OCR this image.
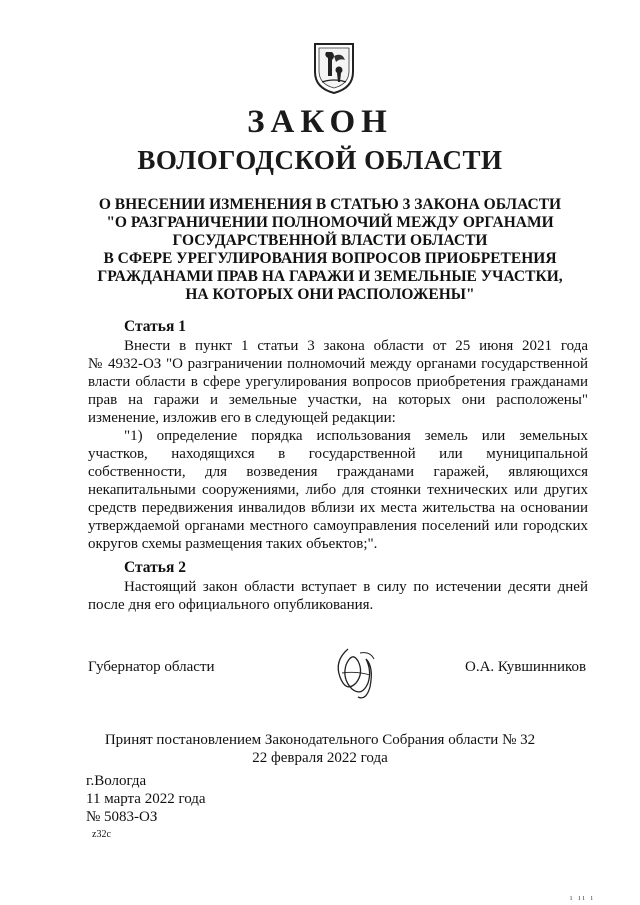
ЗАКОН
ВОЛОГОДСКОЙ ОБЛАСТИ
О ВНЕСЕНИИ ИЗМЕНЕНИЯ В СТАТЬЮ 3 ЗАКОНА ОБЛАСТИ
"О РАЗГРАНИЧЕНИИ ПОЛНОМОЧИЙ МЕЖДУ ОРГАНАМИ
ГОСУДАРСТВЕННОЙ ВЛАСТИ ОБЛАСТИ
В СФЕРЕ УРЕГУЛИРОВАНИЯ ВОПРОСОВ ПРИОБРЕТЕНИЯ
ГРАЖДАНАМИ ПРАВ НА ГАРАЖИ И ЗЕМЕЛЬНЫЕ УЧАСТКИ,
НА КОТОРЫХ ОНИ РАСПОЛОЖЕНЫ"
Статья 1
Внести в пункт 1 статьи 3 закона области от 25 июня 2021 года
№ 4932-ОЗ "О разграничении полномочий между органами государственной
власти области в сфере урегулирования вопросов приобретения гражданами
прав на гаражи и земельные участки, на которых они расположены"
изменение, изложив его в следующей редакции:
"1) определение порядка использования земель или земельных
участков, находящихся в государственной или муниципальной
собственности, для возведения гражданами гаражей, являющихся
некапитальными сооружениями, либо для стоянки технических или других
средств передвижения инвалидов вблизи их места жительства на основании
утверждаемой органами местного самоуправления поселений или городских
округов схемы размещения таких объектов;".
Статья 2
Настоящий закон области вступает в силу по истечении десяти дней
после дня его официального опубликования.
Губернатор области	О.А. Кувшинников
Принят постановлением Законодательного Собрания области № 32
22 февраля 2022 года
г.Вологда
11 марта 2022 года
№ 5083-ОЗ
z32c
ı ıı ı
